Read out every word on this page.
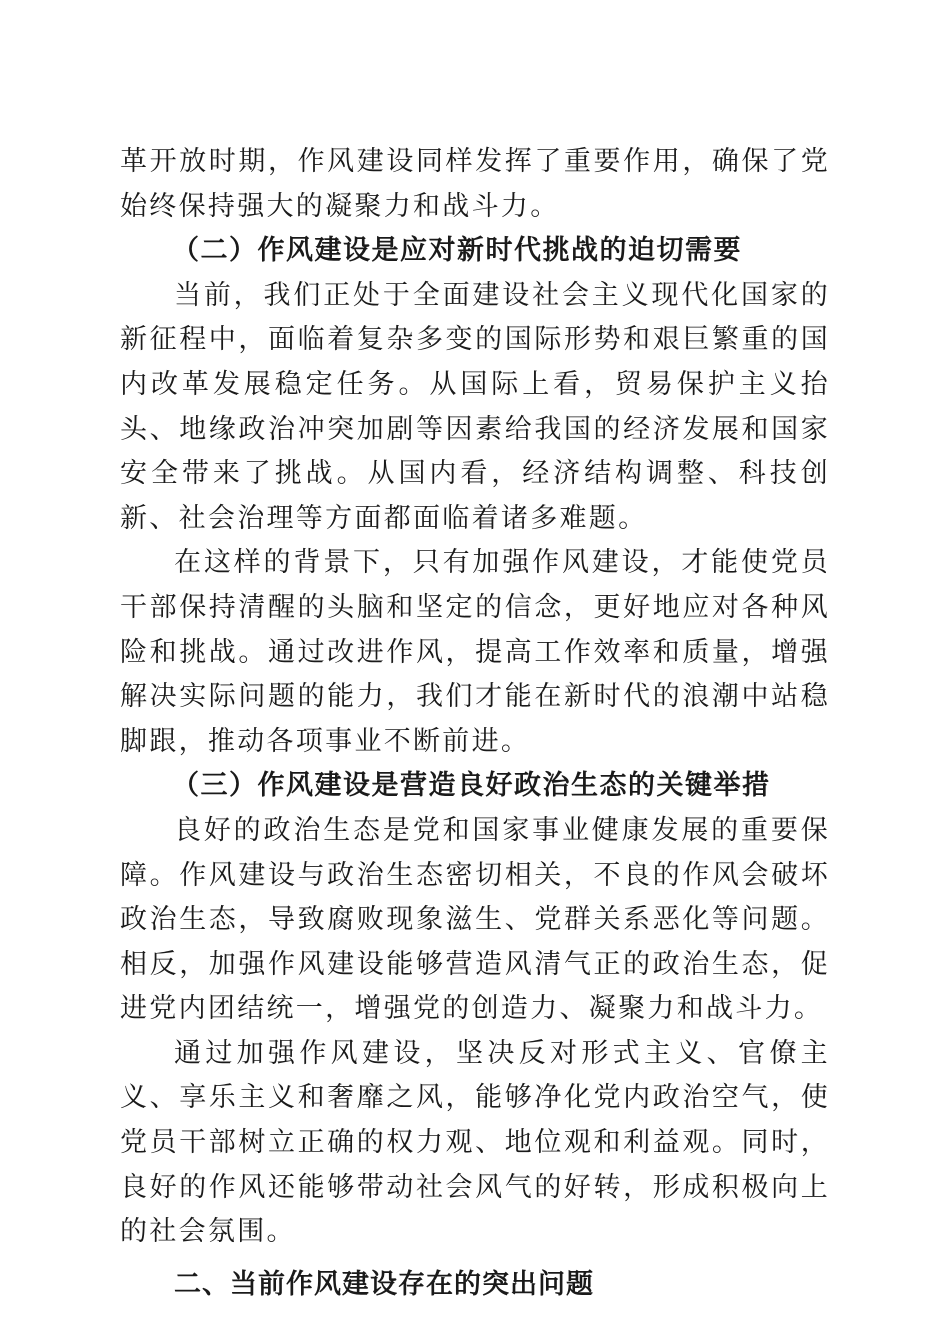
革开放时期，作风建设同样发挥了重要作用，确保了党始终保持强大的凝聚力和战斗力。

（二）作风建设是应对新时代挑战的迫切需要

当前，我们正处于全面建设社会主义现代化国家的新征程中，面临着复杂多变的国际形势和艰巨繁重的国内改革发展稳定任务。从国际上看，贸易保护主义抬头、地缘政治冲突加剧等因素给我国的经济发展和国家安全带来了挑战。从国内看，经济结构调整、科技创新、社会治理等方面都面临着诸多难题。

在这样的背景下，只有加强作风建设，才能使党员干部保持清醒的头脑和坚定的信念，更好地应对各种风险和挑战。通过改进作风，提高工作效率和质量，增强解决实际问题的能力，我们才能在新时代的浪潮中站稳脚跟，推动各项事业不断前进。

（三）作风建设是营造良好政治生态的关键举措

良好的政治生态是党和国家事业健康发展的重要保障。作风建设与政治生态密切相关，不良的作风会破坏政治生态，导致腐败现象滋生、党群关系恶化等问题。相反，加强作风建设能够营造风清气正的政治生态，促进党内团结统一，增强党的创造力、凝聚力和战斗力。

通过加强作风建设，坚决反对形式主义、官僚主义、享乐主义和奢靡之风，能够净化党内政治空气，使党员干部树立正确的权力观、地位观和利益观。同时，良好的作风还能够带动社会风气的好转，形成积极向上的社会氛围。

二、当前作风建设存在的突出问题
